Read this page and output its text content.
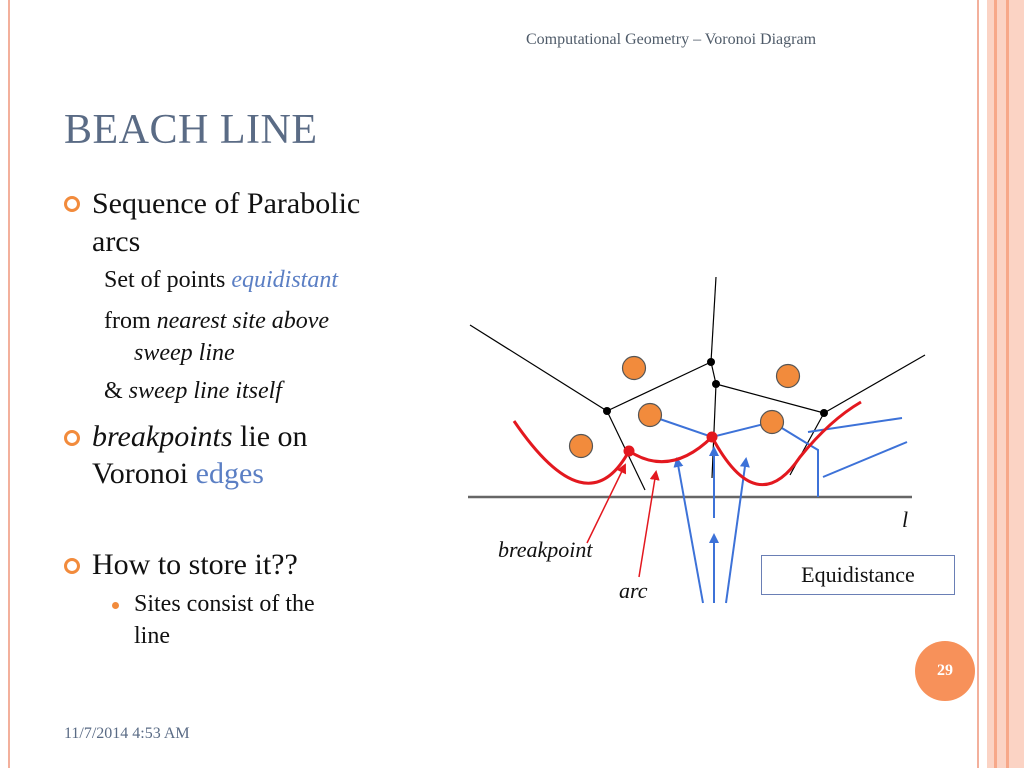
Computational Geometry – Voronoi Diagram
BEACH LINE
Sequence of Parabolic
arcs
Set of points equidistant
from nearest site above
sweep line
& sweep line itself
breakpoints lie on
Voronoi edges
How to store it??
Sites consist of the
line
l
breakpoint
arc
Equidistance
29
11/7/2014 4:53 AM
